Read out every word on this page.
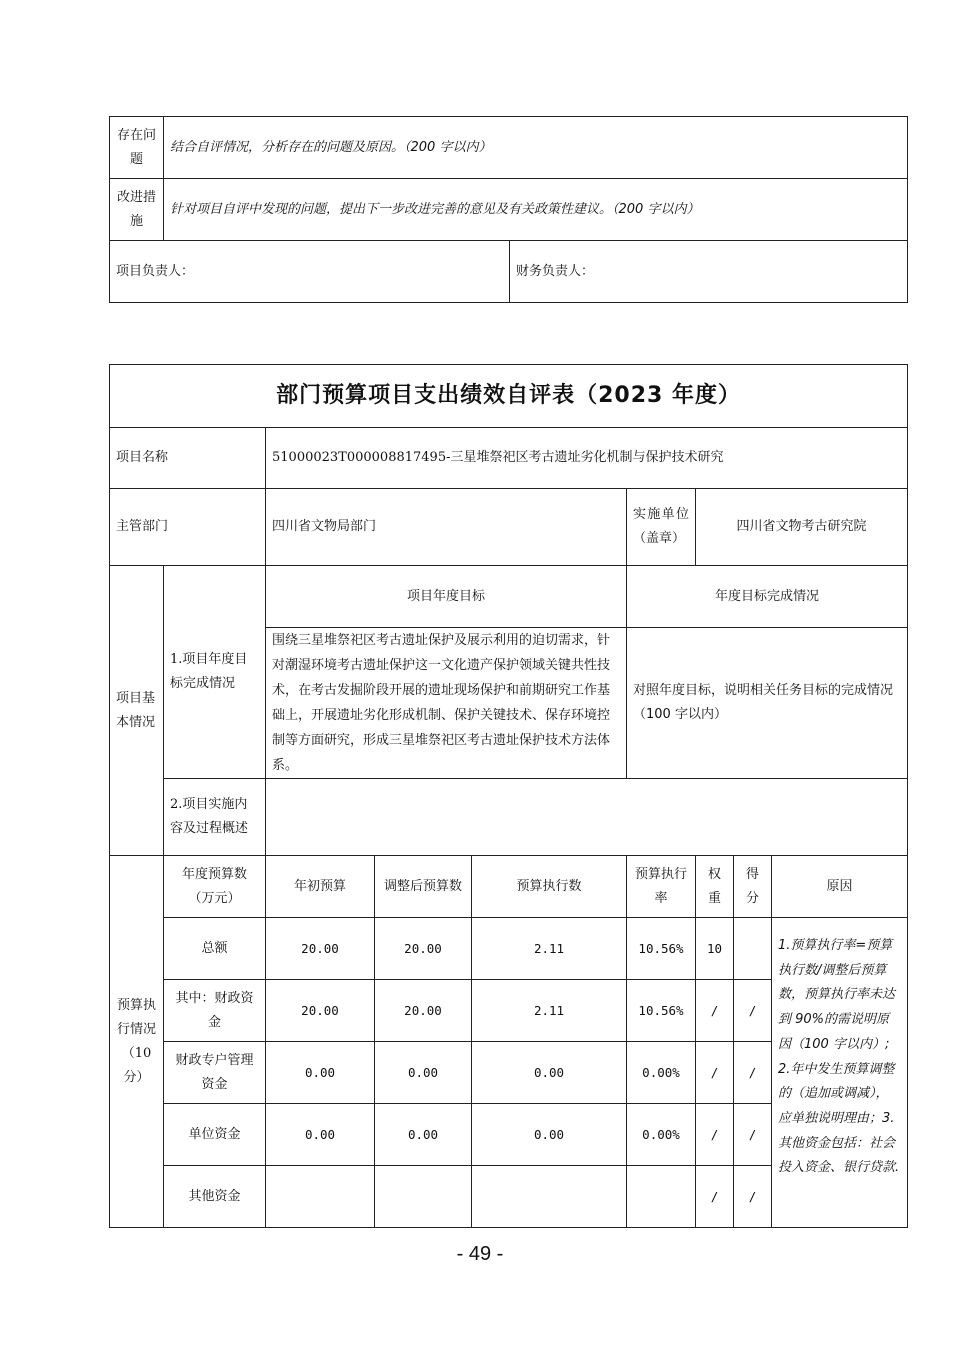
存在问题	结合自评情况，分析存在的问题及原因。（200 字以内）	
改进措施	针对项目自评中发现的问题，提出下一步改进完善的意见及有关政策性建议。（200 字以内）	
项目负责人：		财务负责人：
部门预算项目支出绩效自评表（2023 年度）								
项目名称		51000023T000008817495-三星堆祭祀区考古遗址劣化机制与保护技术研究						
主管部门		四川省文物局部门			实施单位（盖章）	四川省文物考古研究院		
项目基本情况	1.项目年度目标完成情况	项目年度目标			年度目标完成情况			
		围绕三星堆祭祀区考古遗址保护及展示利用的迫切需求，针对潮湿环境考古遗址保护这一文化遗产保护领域关键共性技术，在考古发掘阶段开展的遗址现场保护和前期研究工作基础上，开展遗址劣化形成机制、保护关键技术、保存环境控制等方面研究，形成三星堆祭祀区考古遗址保护技术方法体系。			对照年度目标，说明相关任务目标的完成情况（100 字以内）			
	2.项目实施内容及过程概述							
预算执行情况（10分）	年度预算数（万元）	年初预算	调整后预算数	预算执行数	预算执行率	权重	得分	原因
	总额	20.00	20.00	2.11	10.56%	10		1.预算执行率=预算执行数/调整后预算数，预算执行率未达到 90%的需说明原因（100 字以内）;2.年中发生预算调整的（追加或调减），应单独说明理由；3.其他资金包括：社会投入资金、银行贷款.
	其中：财政资金	20.00	20.00	2.11	10.56%	/	/	
	财政专户管理资金	0.00	0.00	0.00	0.00%	/	/	
	单位资金	0.00	0.00	0.00	0.00%	/	/	
	其他资金					/	/	
- 49 -
